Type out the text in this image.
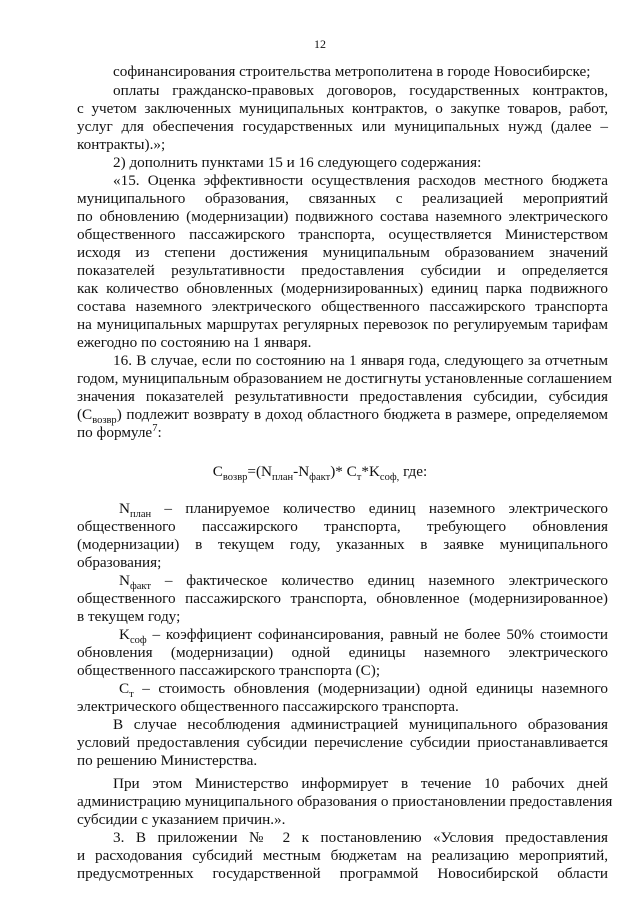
12
софинансирования строительства метрополитена в городе Новосибирске;
оплаты гражданско-правовых договоров, государственных контрактов,
с учетом заключенных муниципальных контрактов, о закупке товаров, работ,
услуг для обеспечения государственных или муниципальных нужд (далее –
контракты).»;
2) дополнить пунктами 15 и 16 следующего содержания:
«15. Оценка эффективности осуществления расходов местного бюджета
муниципального образования, связанных с реализацией мероприятий
по обновлению (модернизации) подвижного состава наземного электрического
общественного пассажирского транспорта, осуществляется Министерством
исходя из степени достижения муниципальным образованием значений
показателей результативности предоставления субсидии и определяется
как количество обновленных (модернизированных) единиц парка подвижного
состава наземного электрического общественного пассажирского транспорта
на муниципальных маршрутах регулярных перевозок по регулируемым тарифам
ежегодно по состоянию на 1 января.
16. В случае, если по состоянию на 1 января года, следующего за отчетным
годом, муниципальным образованием не достигнуты установленные соглашением
значения показателей результативности предоставления субсидии, субсидия
$(С_{возвр})$ подлежит возврату в доход областного бюджета в размере, определяемом
по формуле$^7$:
$С_{возвр}=(N_{план}-N_{факт})*$ $С_т*K_{соф,}$ где:
$N_{план}$ – планируемое количество единиц наземного электрического
общественного пассажирского транспорта, требующего обновления
(модернизации) в текущем году, указанных в заявке муниципального
образования;
$N_{факт}$ – фактическое количество единиц наземного электрического
общественного пассажирского транспорта, обновленное (модернизированное)
в текущем году;
$K_{соф}$ – коэффициент софинансирования, равный не более 50% стоимости
обновления (модернизации) одной единицы наземного электрического
общественного пассажирского транспорта (С);
$С_т$ – стоимость обновления (модернизации) одной единицы наземного
электрического общественного пассажирского транспорта.
В случае несоблюдения администрацией муниципального образования
условий предоставления субсидии перечисление субсидии приостанавливается
по решению Министерства.
При этом Министерство информирует в течение 10 рабочих дней
администрацию муниципального образования о приостановлении предоставления
субсидии с указанием причин.».
3. В приложении № 2 к постановлению «Условия предоставления
и расходования субсидий местным бюджетам на реализацию мероприятий,
предусмотренных государственной программой Новосибирской области
